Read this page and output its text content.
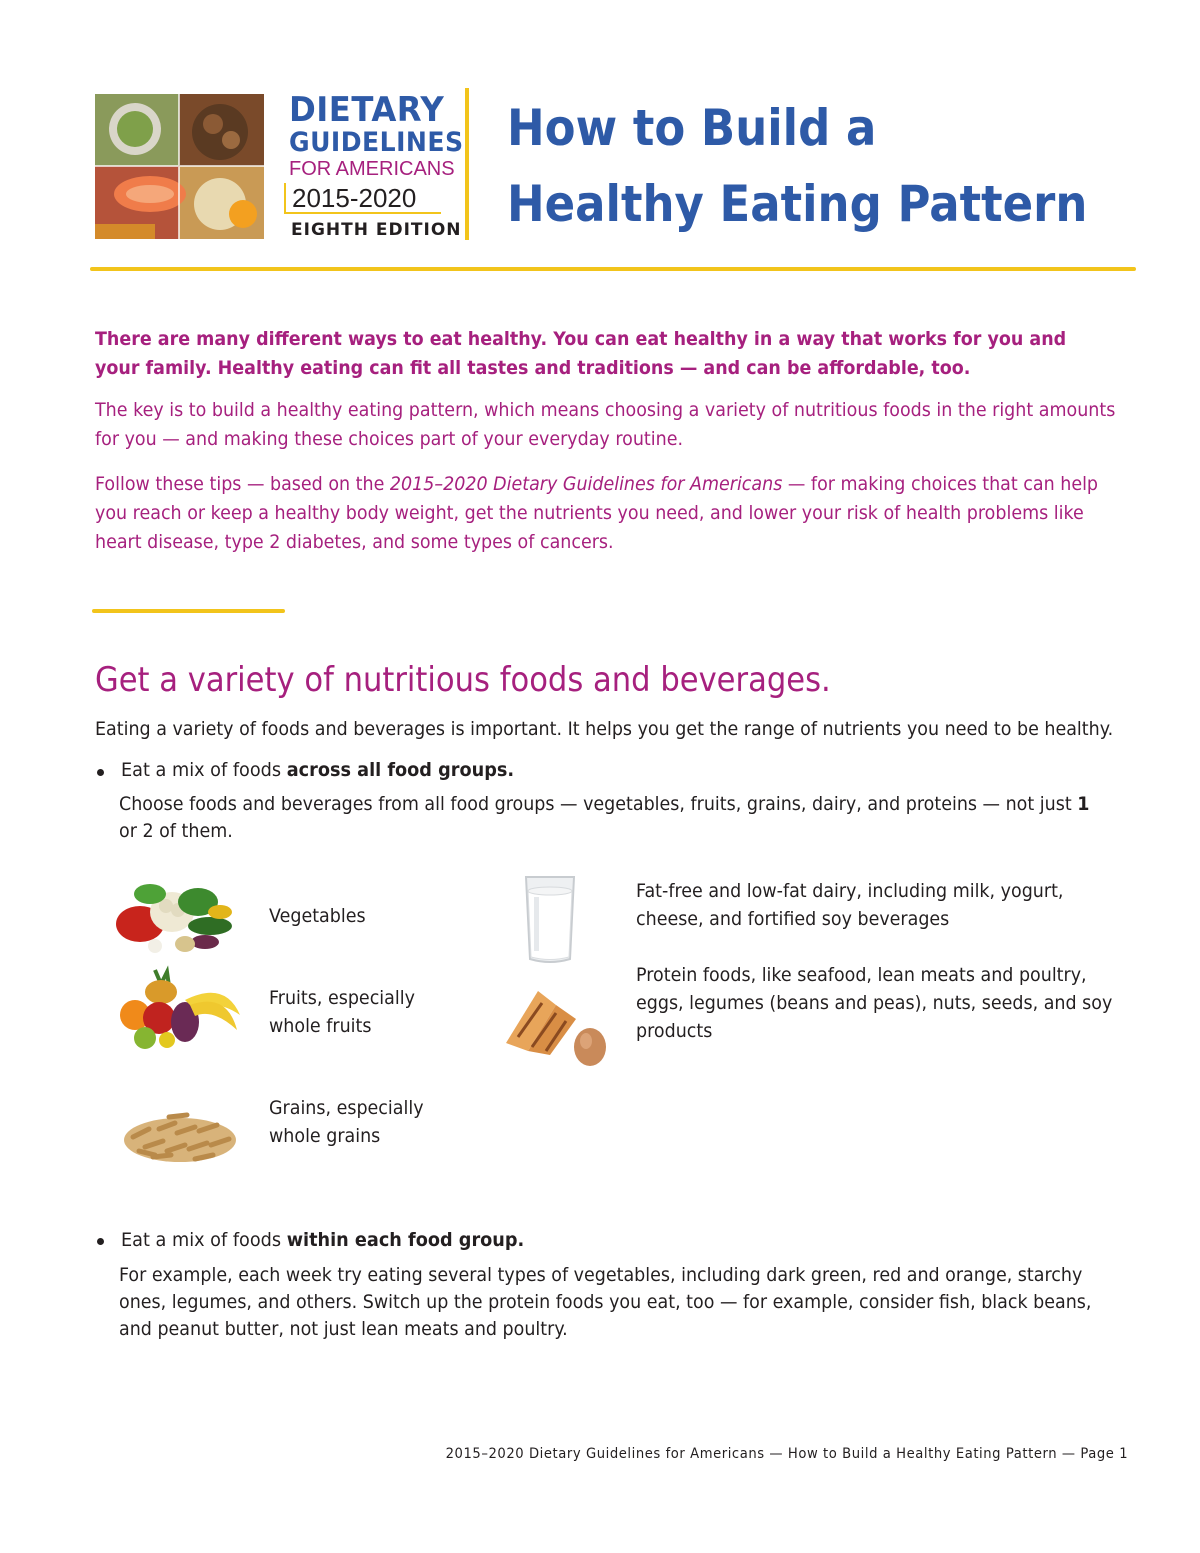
DIETARY
GUIDELINES
FOR AMERICANS
2015-2020
EIGHTH EDITION
How to Build a
Healthy Eating Pattern
There are many different ways to eat healthy. You can eat healthy in a way that works for you and your family. Healthy eating can fit all tastes and traditions — and can be affordable, too.
The key is to build a healthy eating pattern, which means choosing a variety of nutritious foods in the right amounts for you — and making these choices part of your everyday routine.
Follow these tips — based on the 2015–2020 Dietary Guidelines for Americans — for making choices that can help you reach or keep a healthy body weight, get the nutrients you need, and lower your risk of health problems like heart disease, type 2 diabetes, and some types of cancers.
Get a variety of nutritious foods and beverages.
Eating a variety of foods and beverages is important. It helps you get the range of nutrients you need to be healthy.
Eat a mix of foods across all food groups.
Choose foods and beverages from all food groups — vegetables, fruits, grains, dairy, and proteins — not just 1 or 2 of them.
Vegetables
Fruits, especially whole fruits
Grains, especially whole grains
Fat-free and low-fat dairy, including milk, yogurt, cheese, and fortified soy beverages
Protein foods, like seafood, lean meats and poultry, eggs, legumes (beans and peas), nuts, seeds, and soy products
Eat a mix of foods within each food group.
For example, each week try eating several types of vegetables, including dark green, red and orange, starchy ones, legumes, and others. Switch up the protein foods you eat, too — for example, consider fish, black beans, and peanut butter, not just lean meats and poultry.
2015–2020 Dietary Guidelines for Americans — How to Build a Healthy Eating Pattern — Page 1
